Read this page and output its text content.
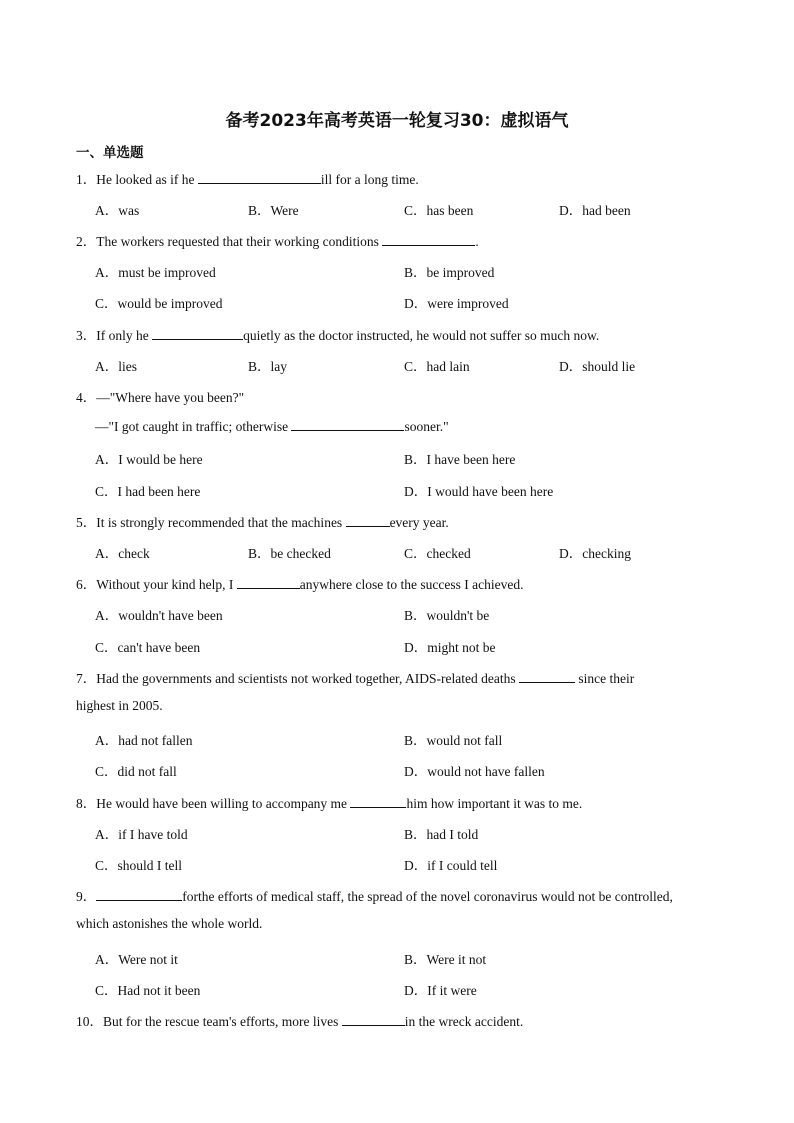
备考2023年高考英语一轮复习30：虚拟语气
一、单选题
1．He looked as if he	ill for a long time.
A．was	B．Were	C．has been	D．had been
2．The workers requested that their working conditions	.
A．must be improved	B．be improved
C．would be improved	D．were improved
3．If only he	quietly as the doctor instructed, he would not suffer so much now.
A．lies	B．lay	C．had lain	D．should lie
4．—"Where have you been?"
—"I got caught in traffic; otherwise	sooner."
A．I would be here	B．I have been here
C．I had been here	D．I would have been here
5．It is strongly recommended that the machines	every year.
A．check	B．be checked	C．checked	D．checking
6．Without your kind help, I	anywhere close to the success I achieved.
A．wouldn't have been	B．wouldn't be
C．can't have been	D．might not be
7．Had the governments and scientists not worked together, AIDS-related deaths	since their
highest in 2005.
A．had not fallen	B．would not fall
C．did not fall	D．would not have fallen
8．He would have been willing to accompany me	him how important it was to me.
A．if I have told	B．had I told
C．should I tell	D．if I could tell
9．	forthe efforts of medical staff, the spread of the novel coronavirus would not be controlled,
which astonishes the whole world.
A．Were not it	B．Were it not
C．Had not it been	D．If it were
10．But for the rescue team's efforts, more lives	in the wreck accident.
